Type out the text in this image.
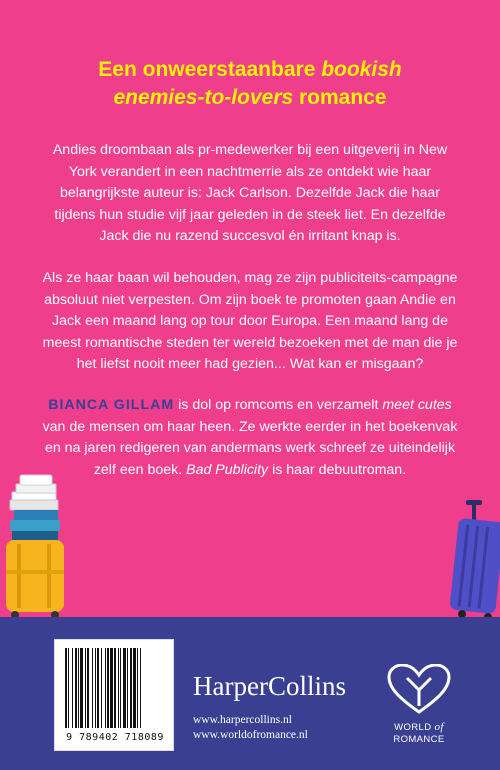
Een onweerstaanbare bookish
enemies-to-lovers romance

Andies droombaan als pr-medewerker bij een uitgeverij in New York verandert in een nachtmerrie als ze ontdekt wie haar belangrijkste auteur is: Jack Carlson. Dezelfde Jack die haar tijdens hun studie vijf jaar geleden in de steek liet. En dezelfde Jack die nu razend succesvol én irritant knap is.

Als ze haar baan wil behouden, mag ze zijn publiciteits-campagne absoluut niet verpesten. Om zijn boek te promoten gaan Andie en Jack een maand lang op tour door Europa. Een maand lang de meest romantische steden ter wereld bezoeken met de man die je het liefst nooit meer had gezien... Wat kan er misgaan?

BIANCA GILLAM is dol op romcoms en verzamelt meet cutes van de mensen om haar heen. Ze werkte eerder in het boekenvak en na jaren redigeren van andermans werk schreef ze uiteindelijk zelf een boek. Bad Publicity is haar debuutroman.

9 789402 718089
HarperCollins
www.harpercollins.nl
www.worldofromance.nl
WORLD of
ROMANCE
